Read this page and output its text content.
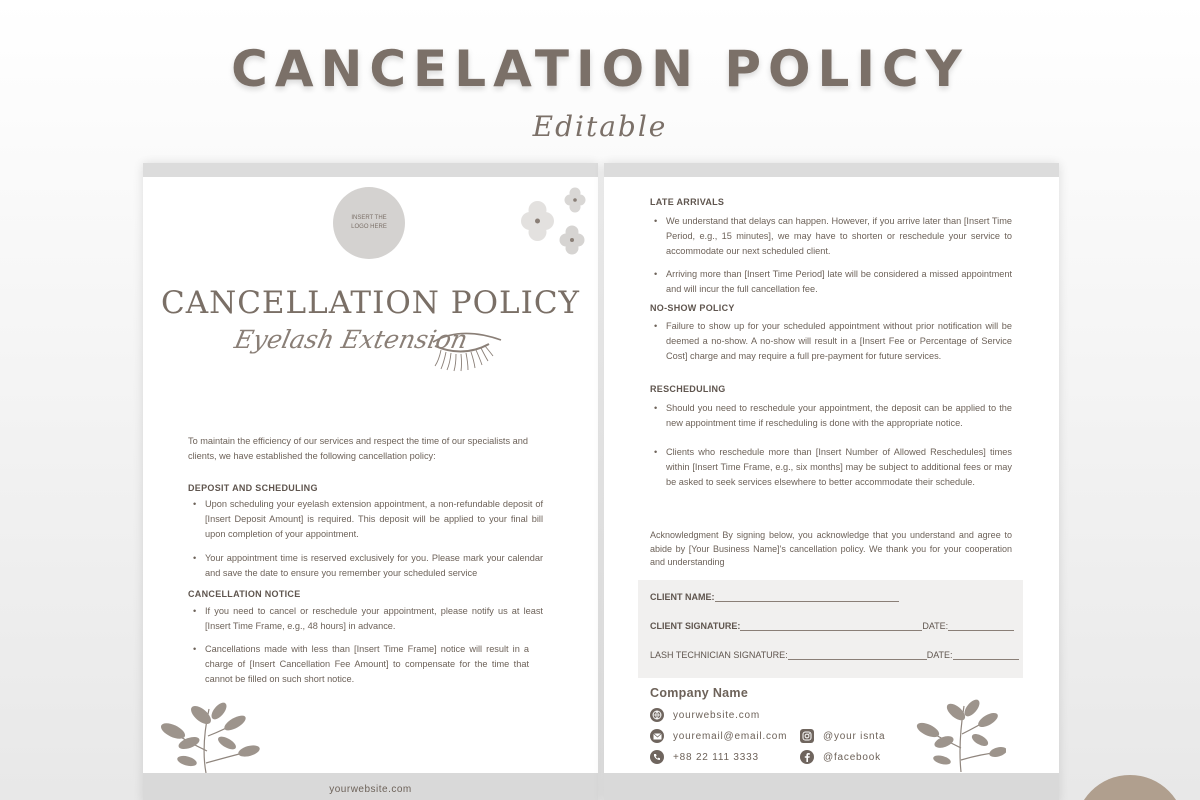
CANCELATION POLICY
Editable
INSERT THE
LOGO HERE
CANCELLATION POLICY
Eyelash Extension
To maintain the efficiency of our services and respect the time of our specialists and clients, we have established the following cancellation policy:
DEPOSIT AND SCHEDULING
• Upon scheduling your eyelash extension appointment, a non-refundable deposit of [Insert Deposit Amount] is required. This deposit will be applied to your final bill upon completion of your appointment.
• Your appointment time is reserved exclusively for you. Please mark your calendar and save the date to ensure you remember your scheduled service
CANCELLATION NOTICE
• If you need to cancel or reschedule your appointment, please notify us at least [Insert Time Frame, e.g., 48 hours] in advance.
• Cancellations made with less than [Insert Time Frame] notice will result in a charge of [Insert Cancellation Fee Amount] to compensate for the time that cannot be filled on such short notice.
yourwebsite.com
LATE ARRIVALS
• We understand that delays can happen. However, if you arrive later than [Insert Time Period, e.g., 15 minutes], we may have to shorten or reschedule your service to accommodate our next scheduled client.
• Arriving more than [Insert Time Period] late will be considered a missed appointment and will incur the full cancellation fee.
NO-SHOW POLICY
• Failure to show up for your scheduled appointment without prior notification will be deemed a no-show. A no-show will result in a [Insert Fee or Percentage of Service Cost] charge and may require a full pre-payment for future services.
RESCHEDULING
• Should you need to reschedule your appointment, the deposit can be applied to the new appointment time if rescheduling is done with the appropriate notice.
• Clients who reschedule more than [Insert Number of Allowed Reschedules] times within [Insert Time Frame, e.g., six months] may be subject to additional fees or may be asked to seek services elsewhere to better accommodate their schedule.
Acknowledgment By signing below, you acknowledge that you understand and agree to abide by [Your Business Name]'s cancellation policy. We thank you for your cooperation and understanding
CLIENT NAME:
CLIENT SIGNATURE:	DATE:
LASH TECHNICIAN SIGNATURE:	DATE:
Company Name
yourwebsite.com
youremail@email.com
+88 22 111 3333
@your isnta
@facebook
